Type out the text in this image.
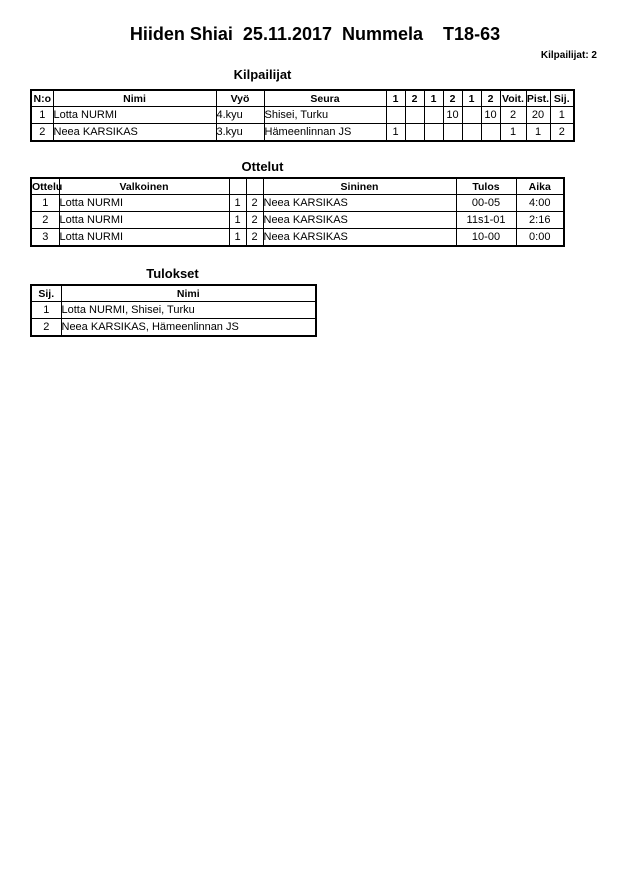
Hiiden Shiai  25.11.2017  Nummela    T18-63
Kilpailijat: 2
Kilpailijat
N:o	Nimi	Vyö	Seura	1	2	1	2	1	2	Voit.	Pist.	Sij.
1	Lotta NURMI	4.kyu	Shisei, Turku				10		10	2	20	1
2	Neea KARSIKAS	3.kyu	Hämeenlinnan JS	1						1	1	2
Ottelut
Ottelu	Valkoinen			Sininen	Tulos	Aika
1	Lotta NURMI	1	2	Neea KARSIKAS	00-05	4:00
2	Lotta NURMI	1	2	Neea KARSIKAS	11s1-01	2:16
3	Lotta NURMI	1	2	Neea KARSIKAS	10-00	0:00
Tulokset
Sij.	Nimi
1	Lotta NURMI, Shisei, Turku
2	Neea KARSIKAS, Hämeenlinnan JS
